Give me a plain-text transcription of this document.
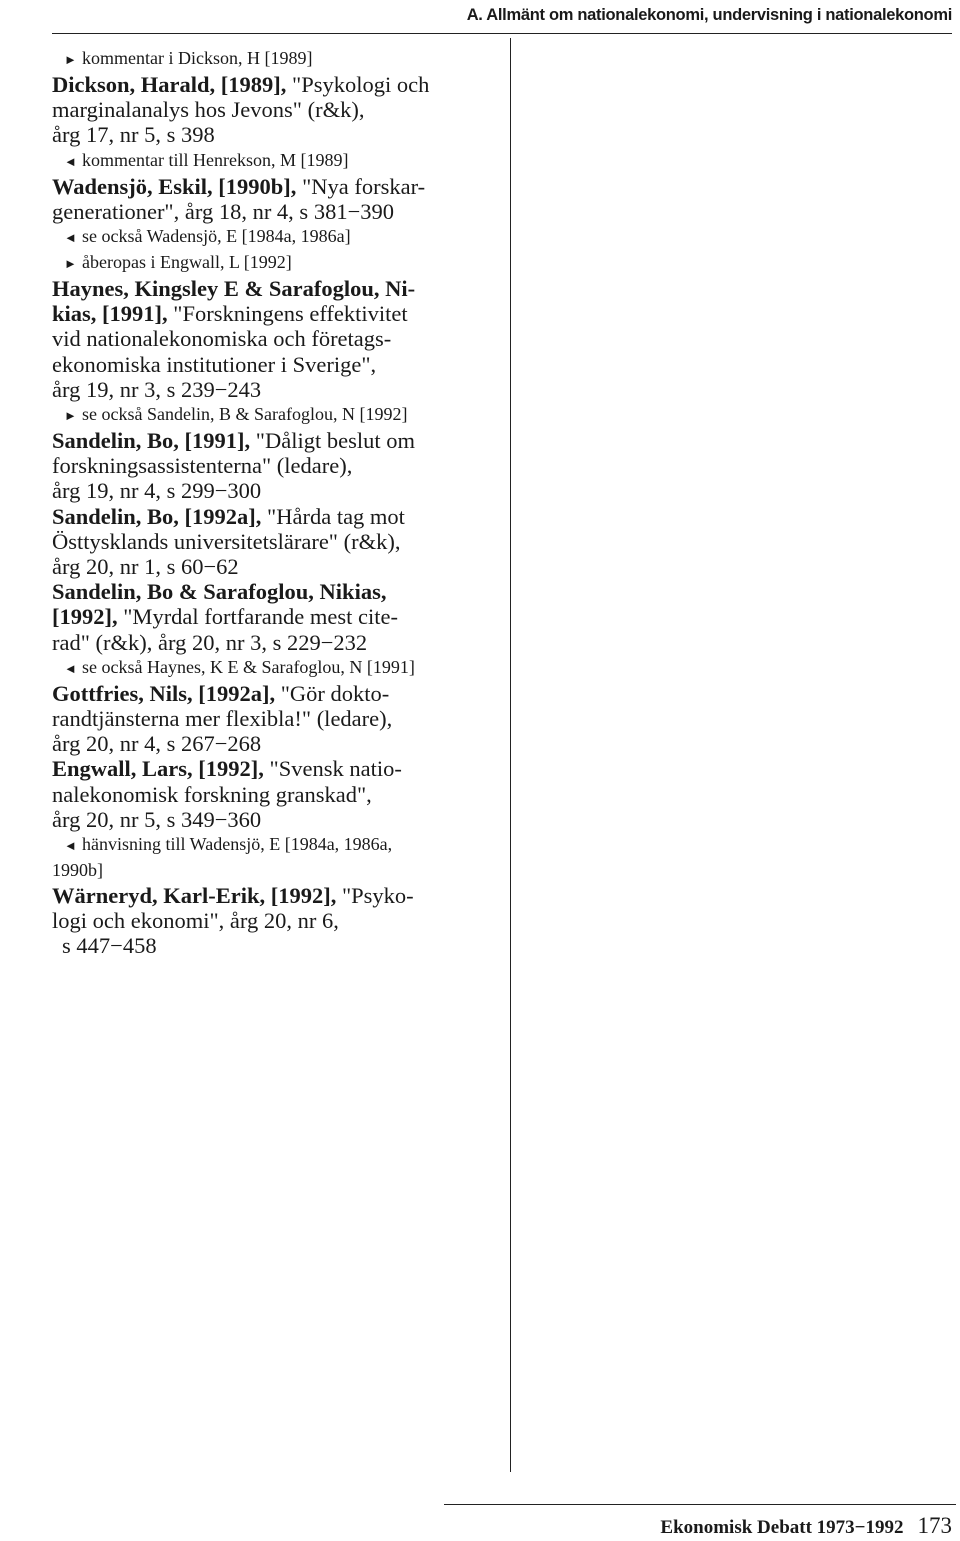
A. Allmänt om nationalekonomi, undervisning i nationalekonomi
► kommentar i Dickson, H [1989]
Dickson, Harald, [1989], "Psykologi och
marginalanalys hos Jevons" (r&k),
årg 17, nr 5, s 398
◄ kommentar till Henrekson, M [1989]
Wadensjö, Eskil, [1990b], "Nya forskar-
generationer", årg 18, nr 4, s 381−390
◄ se också Wadensjö, E [1984a, 1986a]
► åberopas i Engwall, L [1992]
Haynes, Kingsley E & Sarafoglou, Ni-
kias, [1991], "Forskningens effektivitet
vid nationalekonomiska och företags-
ekonomiska institutioner i Sverige",
årg 19, nr 3, s 239−243
► se också Sandelin, B & Sarafoglou, N [1992]
Sandelin, Bo, [1991], "Dåligt beslut om
forskningsassistenterna" (ledare),
årg 19, nr 4, s 299−300
Sandelin, Bo, [1992a], "Hårda tag mot
Östtysklands universitetslärare" (r&k),
årg 20, nr 1, s 60−62
Sandelin, Bo & Sarafoglou, Nikias,
[1992], "Myrdal fortfarande mest cite-
rad" (r&k), årg 20, nr 3, s 229−232
◄ se också Haynes, K E & Sarafoglou, N [1991]
Gottfries, Nils, [1992a], "Gör dokto-
randtjänsterna mer flexibla!" (ledare),
årg 20, nr 4, s 267−268
Engwall, Lars, [1992], "Svensk natio-
nalekonomisk forskning granskad",
årg 20, nr 5, s 349−360
◄ hänvisning till Wadensjö, E [1984a, 1986a,
1990b]
Wärneryd, Karl-Erik, [1992], "Psyko-
logi och ekonomi", årg 20, nr 6,
s 447−458
Ekonomisk Debatt 1973−1992 173
